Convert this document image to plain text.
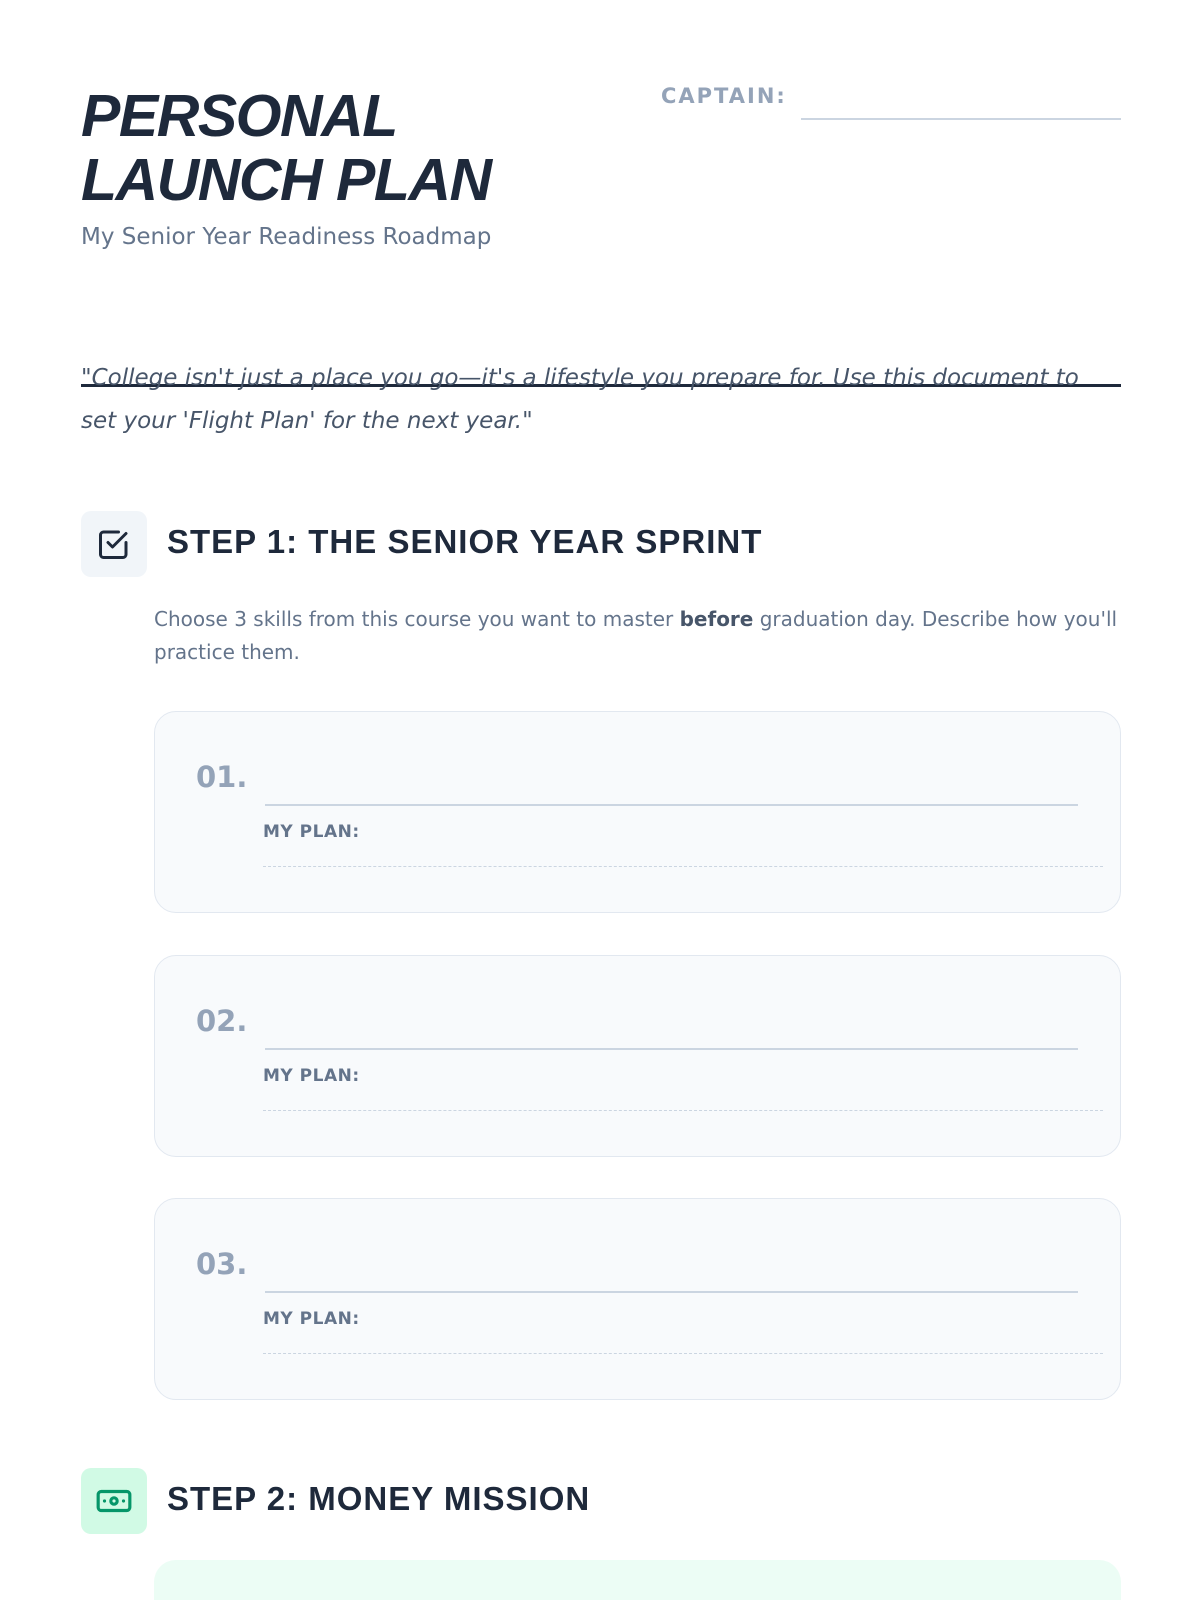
PERSONAL
LAUNCH PLAN
My Senior Year Readiness Roadmap
CAPTAIN:

"College isn't just a place you go—it's a lifestyle you prepare for. Use this document to set your 'Flight Plan' for the next year."

STEP 1: THE SENIOR YEAR SPRINT

Choose 3 skills from this course you want to master before graduation day. Describe how you'll practice them.

01.
MY PLAN:
02.
MY PLAN:
03.
MY PLAN:
STEP 2: MONEY MISSION
